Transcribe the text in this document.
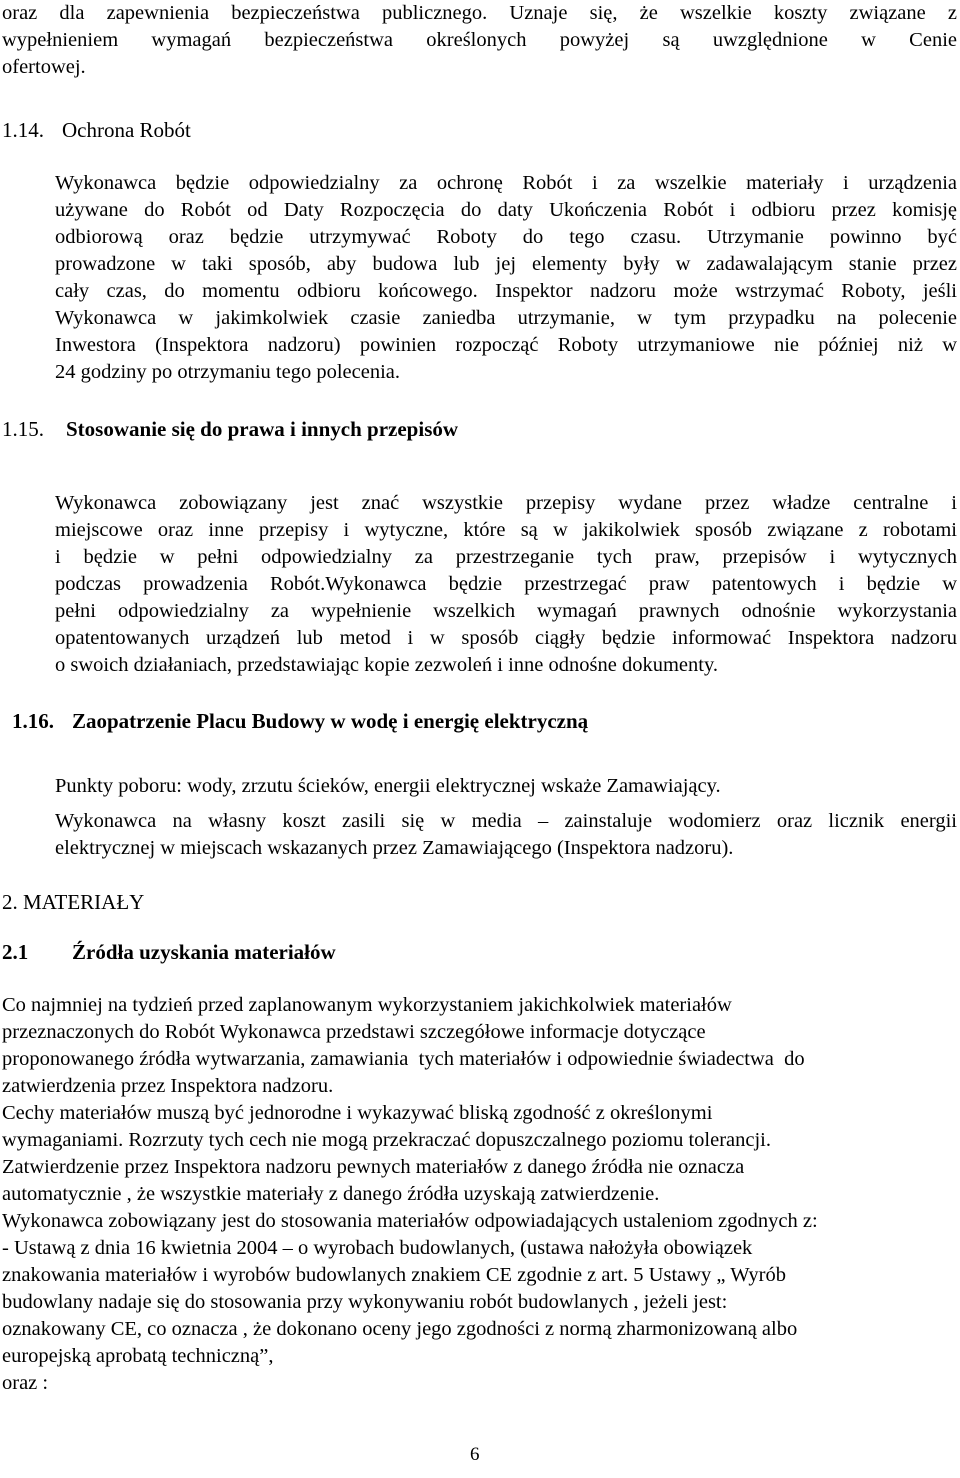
oraz dla zapewnienia bezpieczeństwa publicznego. Uznaje się, że wszelkie koszty związane z
wypełnieniem wymagań bezpieczeństwa określonych powyżej są uwzględnione w Cenie
ofertowej.
1.14. Ochrona Robót
Wykonawca będzie odpowiedzialny za ochronę Robót i za wszelkie materiały i urządzenia
używane do Robót od Daty Rozpoczęcia do daty Ukończenia Robót i odbioru przez komisję
odbiorową oraz będzie utrzymywać Roboty do tego czasu. Utrzymanie powinno być
prowadzone w taki sposób, aby budowa lub jej elementy były w zadawalającym stanie przez
cały czas, do momentu odbioru końcowego. Inspektor nadzoru może wstrzymać Roboty, jeśli
Wykonawca w jakimkolwiek czasie zaniedba utrzymanie, w tym przypadku na polecenie
Inwestora (Inspektora nadzoru) powinien rozpocząć Roboty utrzymaniowe nie później niż w
24 godziny po otrzymaniu tego polecenia.
1.15. Stosowanie się do prawa i innych przepisów
Wykonawca zobowiązany jest znać wszystkie przepisy wydane przez władze centralne i
miejscowe oraz inne przepisy i wytyczne, które są w jakikolwiek sposób związane z robotami
i będzie w pełni odpowiedzialny za przestrzeganie tych praw, przepisów i wytycznych
podczas prowadzenia Robót.Wykonawca będzie przestrzegać praw patentowych i będzie w
pełni odpowiedzialny za wypełnienie wszelkich wymagań prawnych odnośnie wykorzystania
opatentowanych urządzeń lub metod i w sposób ciągły będzie informować Inspektora nadzoru
o swoich działaniach, przedstawiając kopie zezwoleń i inne odnośne dokumenty.
1.16. Zaopatrzenie Placu Budowy w wodę i energię elektryczną
Punkty poboru: wody, zrzutu ścieków, energii elektrycznej wskaże Zamawiający.
Wykonawca na własny koszt zasili się w media – zainstaluje wodomierz oraz licznik energii
elektrycznej w miejscach wskazanych przez Zamawiającego (Inspektora nadzoru).
2. MATERIAŁY
2.1 Źródła uzyskania materiałów
Co najmniej na tydzień przed zaplanowanym wykorzystaniem jakichkolwiek materiałów
przeznaczonych do Robót Wykonawca przedstawi szczegółowe informacje dotyczące
proponowanego źródła wytwarzania, zamawiania  tych materiałów i odpowiednie świadectwa  do
zatwierdzenia przez Inspektora nadzoru.
Cechy materiałów muszą być jednorodne i wykazywać bliską zgodność z określonymi
wymaganiami. Rozrzuty tych cech nie mogą przekraczać dopuszczalnego poziomu tolerancji.
Zatwierdzenie przez Inspektora nadzoru pewnych materiałów z danego źródła nie oznacza
automatycznie , że wszystkie materiały z danego źródła uzyskają zatwierdzenie.
Wykonawca zobowiązany jest do stosowania materiałów odpowiadających ustaleniom zgodnych z:
- Ustawą z dnia 16 kwietnia 2004 – o wyrobach budowlanych, (ustawa nałożyła obowiązek
znakowania materiałów i wyrobów budowlanych znakiem CE zgodnie z art. 5 Ustawy „ Wyrób
budowlany nadaje się do stosowania przy wykonywaniu robót budowlanych , jeżeli jest:
oznakowany CE, co oznacza , że dokonano oceny jego zgodności z normą zharmonizowaną albo
europejską aprobatą techniczną”,
oraz :
6
